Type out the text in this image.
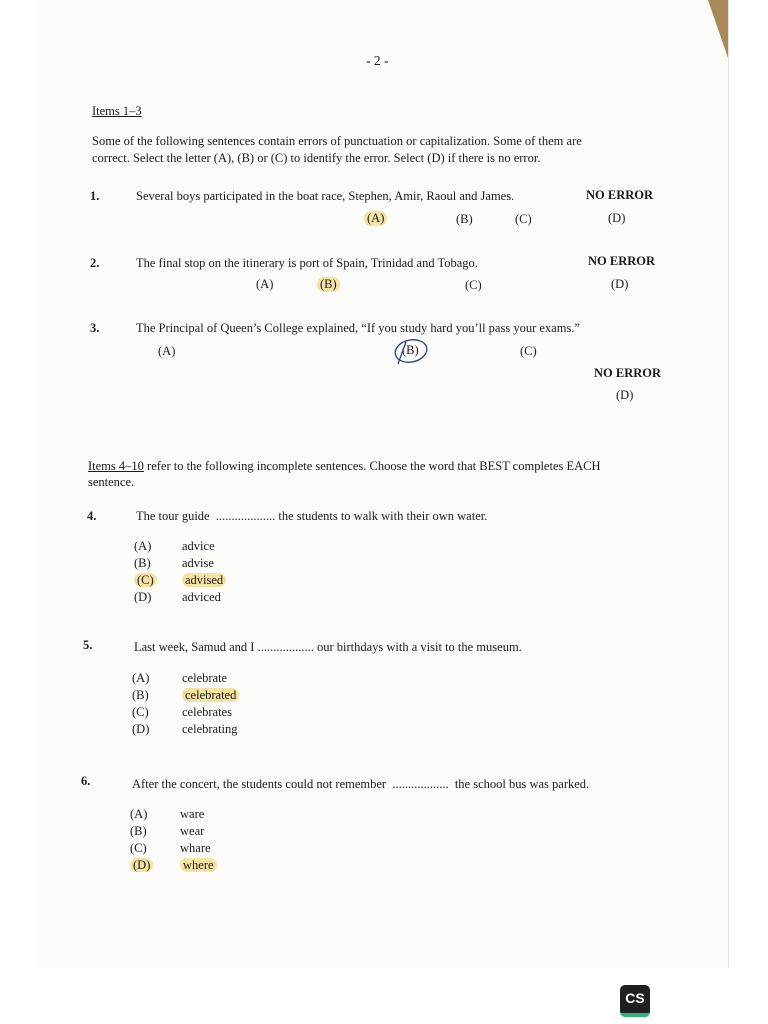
- 2 -
Items 1–3
Some of the following sentences contain errors of punctuation or capitalization. Some of them are
correct. Select the letter (A), (B) or (C) to identify the error. Select (D) if there is no error.
1.	Several boys participated in the boat race, Stephen, Amir, Raoul and James.	NO ERROR
(A)	(B)	(C)	(D)
2.	The final stop on the itinerary is port of Spain, Trinidad and Tobago.	NO ERROR
(A)	(B)	(C)	(D)
3.	The Principal of Queen’s College explained, “If you study hard you’ll pass your exams.”
(A)	(B)	(C)
NO ERROR
(D)
Items 4–10 refer to the following incomplete sentences. Choose the word that BEST completes EACH
sentence.
4.	The tour guide ................... the students to walk with their own water.
(A) advice
(B)	advise
(C)	advised
(D) adviced
5.	Last week, Samud and I .................. our birthdays with a visit to the museum.
(A)	celebrate
(B)	celebrated
(C)	celebrates
(D)	celebrating
6.	After the concert, the students could not remember .................. the school bus was parked.
(A)	ware
(B)	wear
(C)	whare
(D)	where
CS
